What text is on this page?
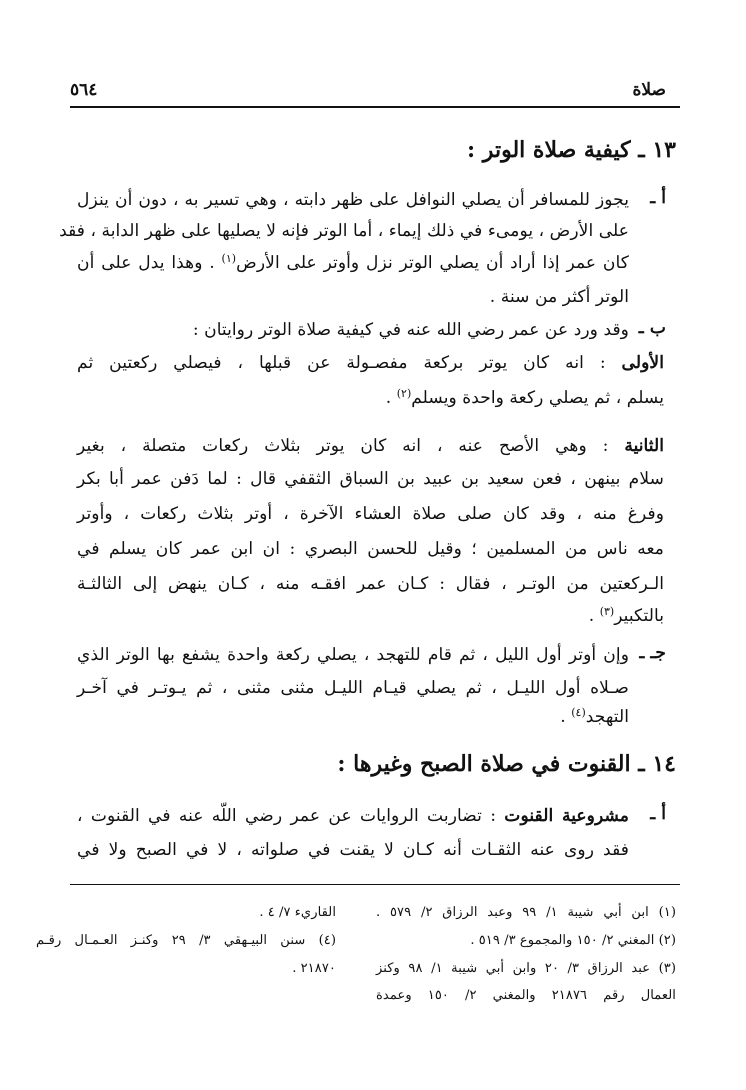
صلاة
٥٦٤
١٣ ـ كيفية صلاة الوتر :
أ ـ
يجوز للمسافر أن يصلي النوافل على ظهر دابته ، وهي تسير به ، دون أن ينزل
على الأرض ، يومىء في ذلك إيماء ، أما الوتر فإنه لا يصليها على ظهر الدابة ، فقد
كان عمر إذا أراد أن يصلي الوتر نزل وأوتر على الأرض$^{(١)}$ . وهذا يدل على أن
الوتر أكثر من سنة .
ب ـ
وقد ورد عن عمر رضي الله عنه في كيفية صلاة الوتر روايتان :
الأولى : انه كان يوتر بركعة مفصـولة عن قبلها ، فيصلي ركعتين ثم
يسلم ، ثم يصلي ركعة واحدة ويسلم$^{(٢)}$ .
الثانية : وهي الأصح عنه ، انه كان يوتر بثلاث ركعات متصلة ، بغير
سلام بينهن ، فعن سعيد بن عبيد بن السباق الثقفي قال : لما دَفن عمر أبا بكر
وفرغ منه ، وقد كان صلى صلاة العشاء الآخرة ، أوتر بثلاث ركعات ، وأوتر
معه ناس من المسلمين ؛ وقيل للحسن البصري : ان ابن عمر كان يسلم في
الـركعتين من الوتـر ، فقال : كـان عمر افقـه منه ، كـان ينهض إلى الثالثـة
بالتكبير$^{(٣)}$ .
جـ ـ
وإن أوتر أول الليل ، ثم قام للتهجد ، يصلي ركعة واحدة يشفع بها الوتر الذي
صـلاه أول الليـل ، ثم يصلي قيـام الليـل مثنى مثنى ، ثم يـوتـر في آخـر
التهجد$^{(٤)}$ .
١٤ ـ القنوت في صلاة الصبح وغيرها :
أ ـ
مشروعية القنوت : تضاربت الروايات عن عمر رضي اللّه عنه في القنوت ،
فقد روى عنه الثقـات أنه كـان لا يقنت في صلواته ، لا في الصبح ولا في
(١) ابن أبي شيبة ١/ ٩٩ وعبد الرزاق ٢/ ٥٧٩ .
(٢) المغني ٢/ ١٥٠ والمجموع ٣/ ٥١٩ .
(٣) عبد الرزاق ٣/ ٢٠ وابن أبي شيبة ١/ ٩٨ وكنز
العمال رقم ٢١٨٧٦ والمغني ٢/ ١٥٠ وعمدة
القاريء ٧/ ٤ .
(٤) سنن البيـهقي ٣/ ٢٩ وكنـز العـمـال رقـم
٢١٨٧٠ .
